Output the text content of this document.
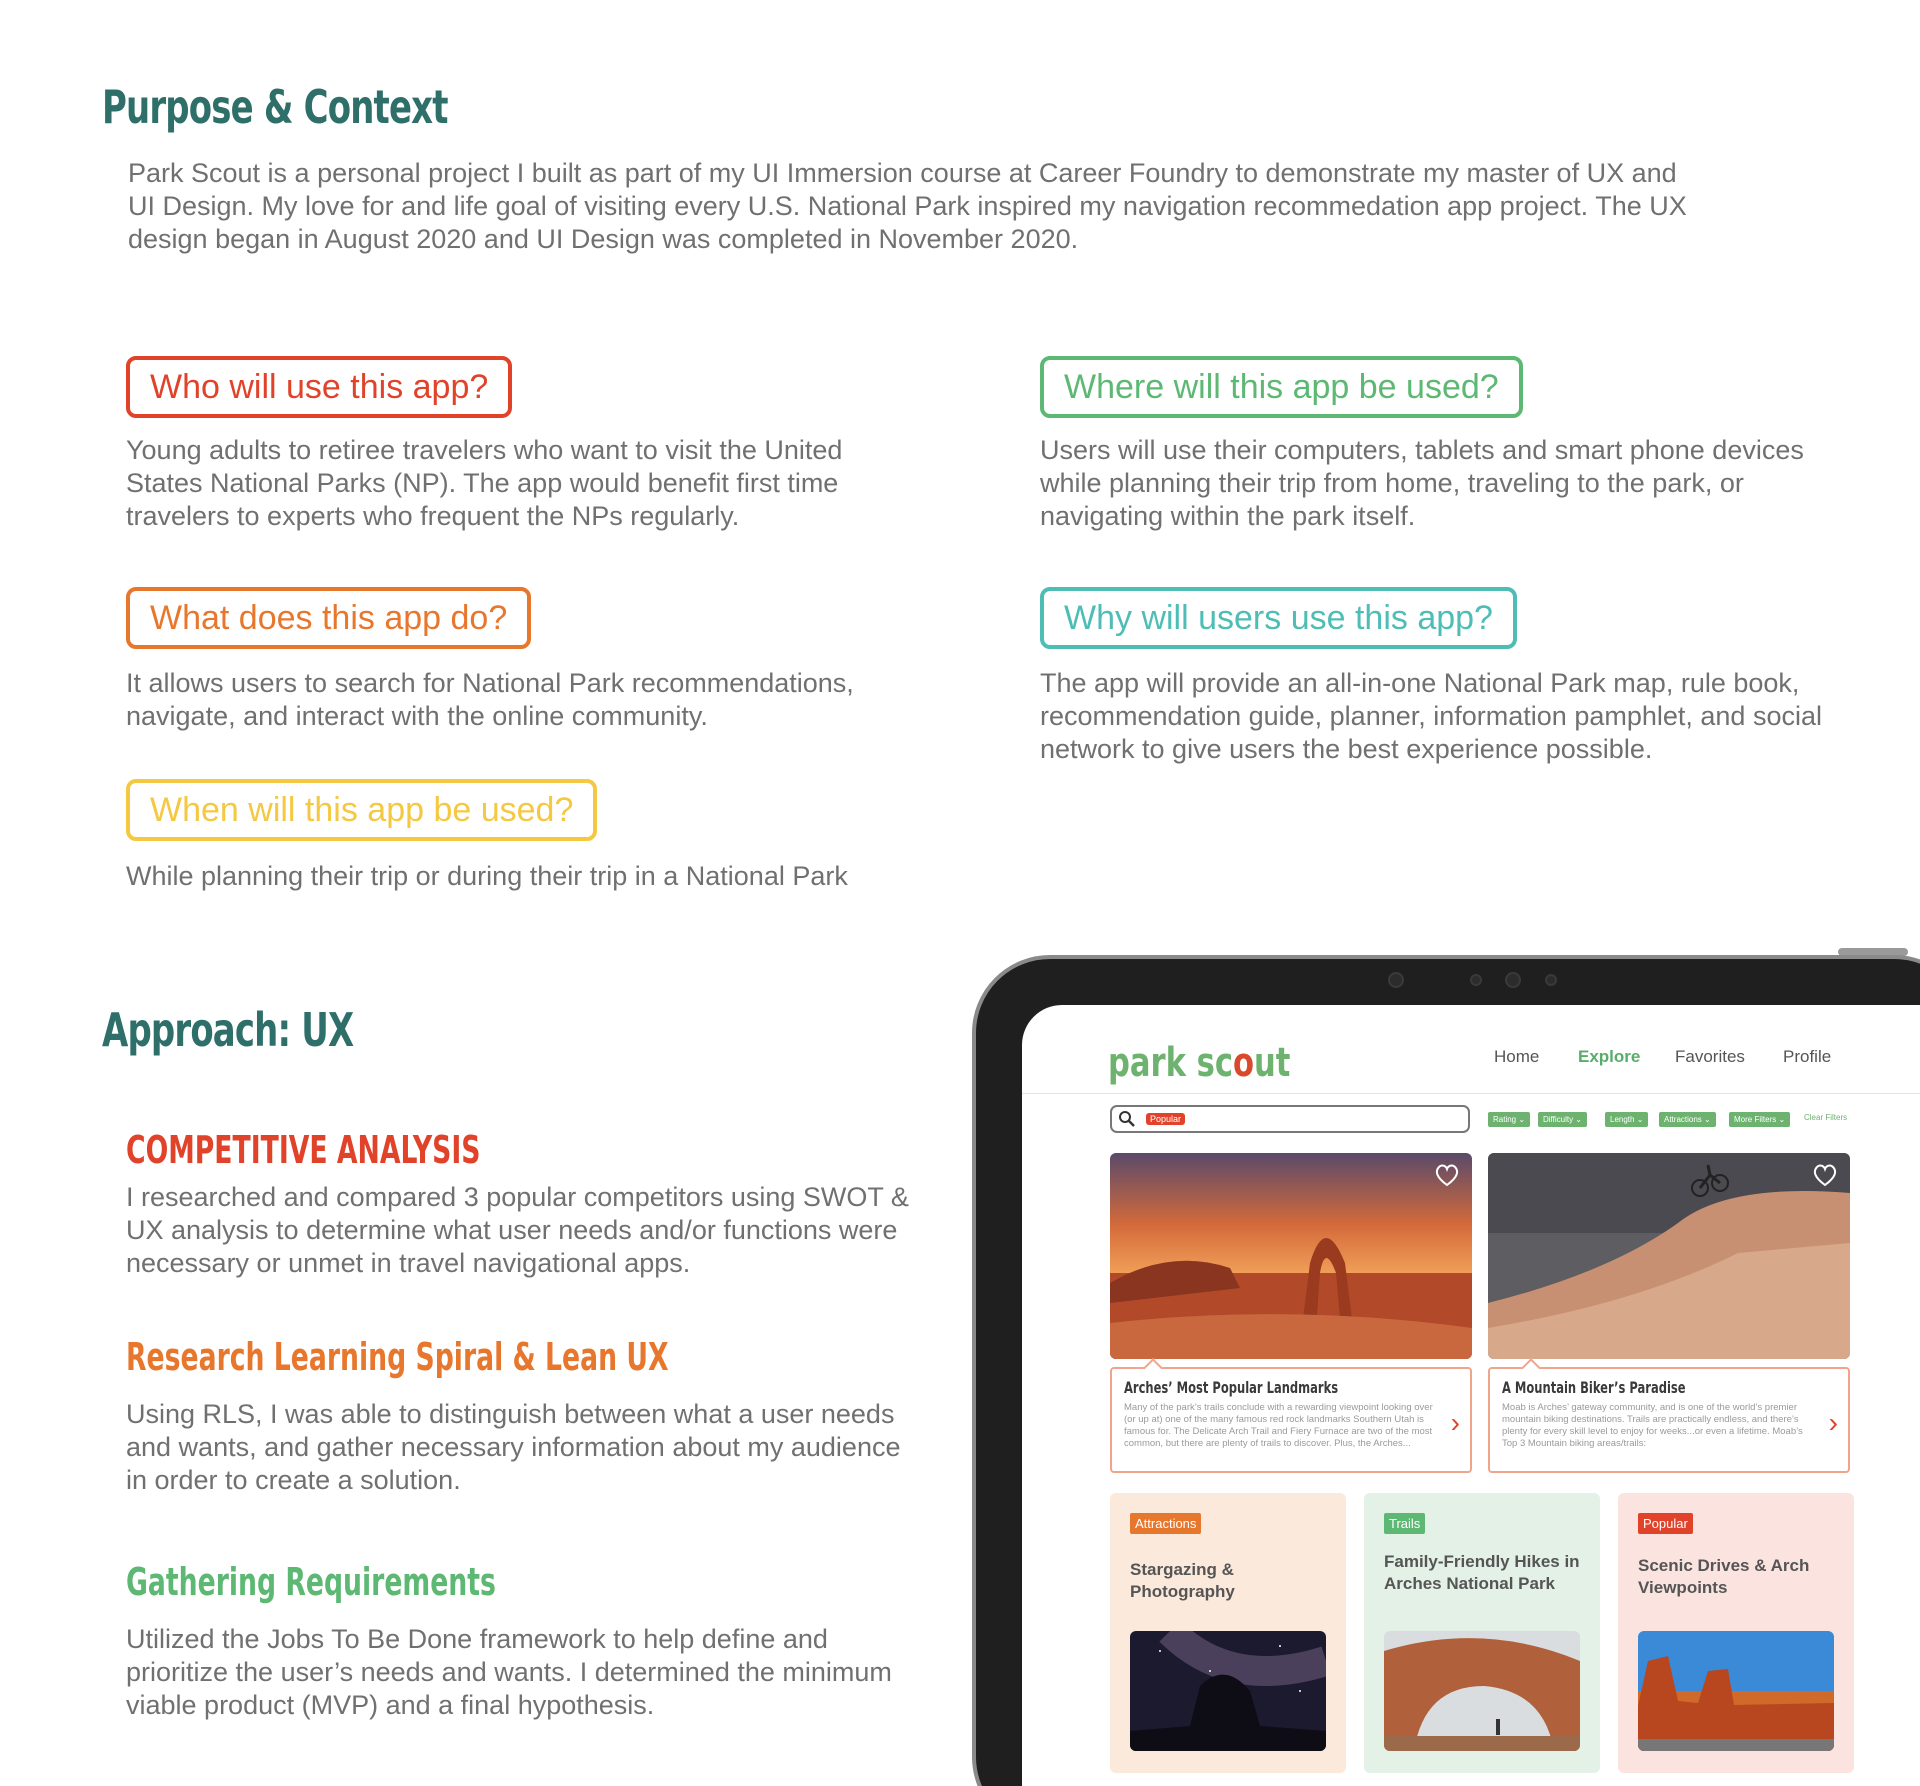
Purpose & Context

Park Scout is a personal project I built as part of my UI Immersion course at Career Foundry to demonstrate my master of UX and UI Design. My love for and life goal of visiting every U.S. National Park inspired my navigation recommedation app project. The UX design began in August 2020 and UI Design was completed in November 2020.

Who will use this app?

Young adults to retiree travelers who want to visit the United States National Parks (NP). The app would benefit first time travelers to experts who frequent the NPs regularly.

Where will this app be used?

Users will use their computers, tablets and smart phone devices while planning their trip from home, traveling to the park, or navigating within the park itself.

What does this app do?

It allows users to search for National Park recommendations, navigate, and interact with the online community.

Why will users use this app?

The app will provide an all-in-one National Park map, rule book, recommendation guide, planner, information pamphlet, and social network to give users the best experience possible.

When will this app be used?

While planning their trip or during their trip in a National Park

Approach: UX
COMPETITIVE ANALYSIS

I researched and compared 3 popular competitors using SWOT & UX analysis to determine what user needs and/or functions were necessary or unmet in travel navigational apps.

Research Learning Spiral & Lean UX

Using RLS, I was able to distinguish between what a user needs and wants, and gather necessary information about my audience in order to create a solution.

Gathering Requirements

Utilized the Jobs To Be Done framework to help define and prioritize the user’s needs and wants. I determined the minimum viable product (MVP) and a final hypothesis.

park scout	Home Explore Favorites Profile
Popular	Rating ⌄	Difficulty ⌄	Length ⌄	Attractions ⌄	More Filters ⌄	Clear Filters
Arches’ Most Popular Landmarks
Many of the park’s trails conclude with a rewarding viewpoint looking over (or up at) one of the many famous red rock landmarks Southern Utah is famous for. The Delicate Arch Trail and Fiery Furnace are two of the most common, but there are plenty of trails to discover. Plus, the Arches...
›
A Mountain Biker’s Paradise
Moab is Arches’ gateway community, and is one of the world’s premier mountain biking destinations. Trails are practically endless, and there’s plenty for every skill level to enjoy for weeks...or even a lifetime. Moab’s Top 3 Mountain biking areas/trails:
›
Attractions
Stargazing & Photography
Trails
Family-Friendly Hikes in Arches National Park
Popular
Scenic Drives & Arch Viewpoints
